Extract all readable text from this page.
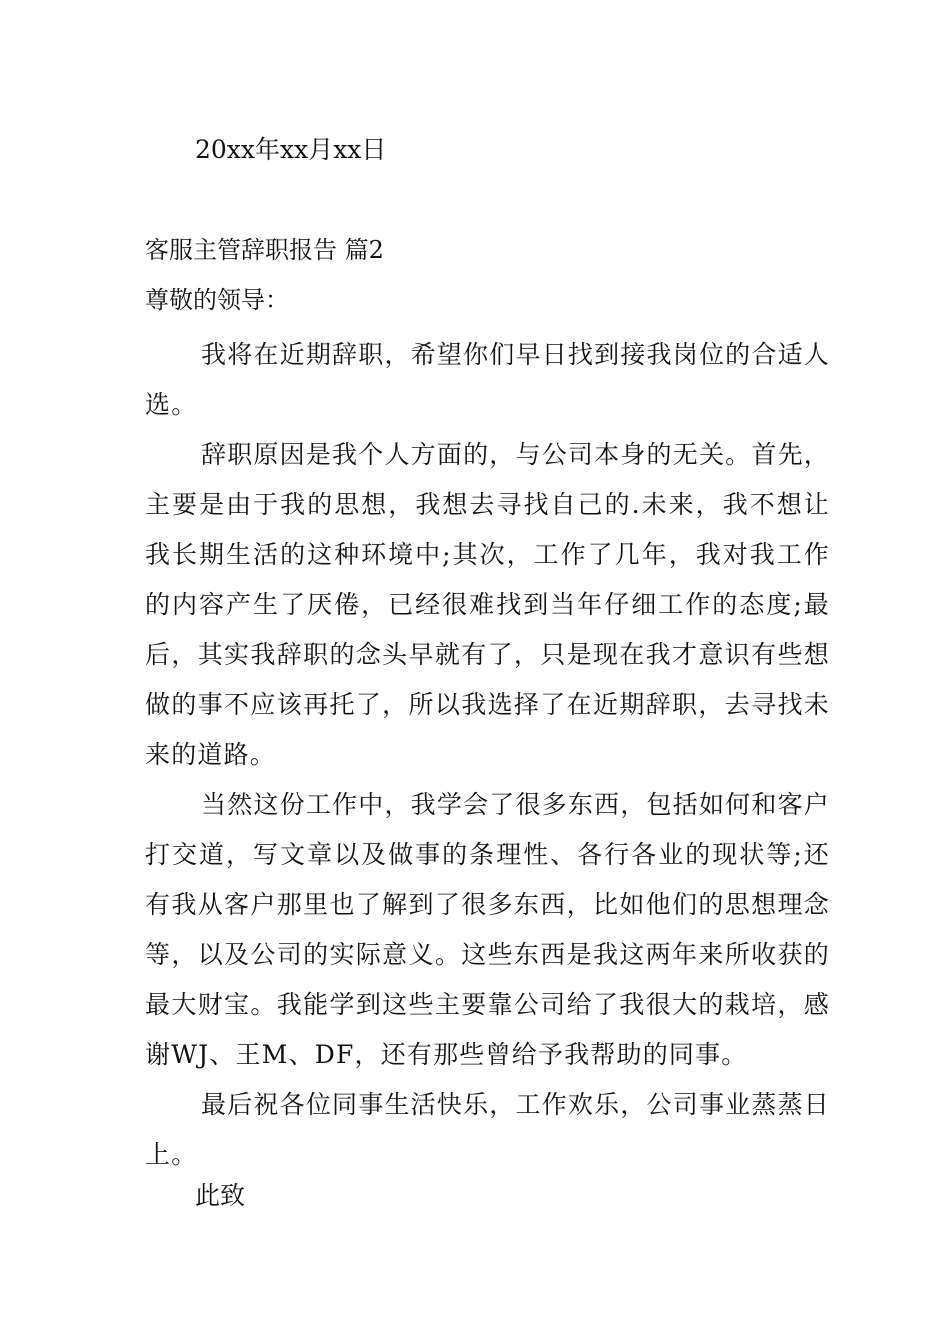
20xx年xx月xx日
客服主管辞职报告 篇2
尊敬的领导：

我将在近期辞职，希望你们早日找到接我岗位的合适人选。

辞职原因是我个人方面的，与公司本身的无关。首先，主要是由于我的思想，我想去寻找自己的.未来，我不想让我长期生活的这种环境中;其次，工作了几年，我对我工作的内容产生了厌倦，已经很难找到当年仔细工作的态度;最后，其实我辞职的念头早就有了，只是现在我才意识有些想做的事不应该再托了，所以我选择了在近期辞职，去寻找未来的道路。

当然这份工作中，我学会了很多东西，包括如何和客户打交道，写文章以及做事的条理性、各行各业的现状等;还有我从客户那里也了解到了很多东西，比如他们的思想理念等，以及公司的实际意义。这些东西是我这两年来所收获的最大财宝。我能学到这些主要靠公司给了我很大的栽培，感谢WJ、王M、DF，还有那些曾给予我帮助的同事。

最后祝各位同事生活快乐，工作欢乐，公司事业蒸蒸日上。

此致
